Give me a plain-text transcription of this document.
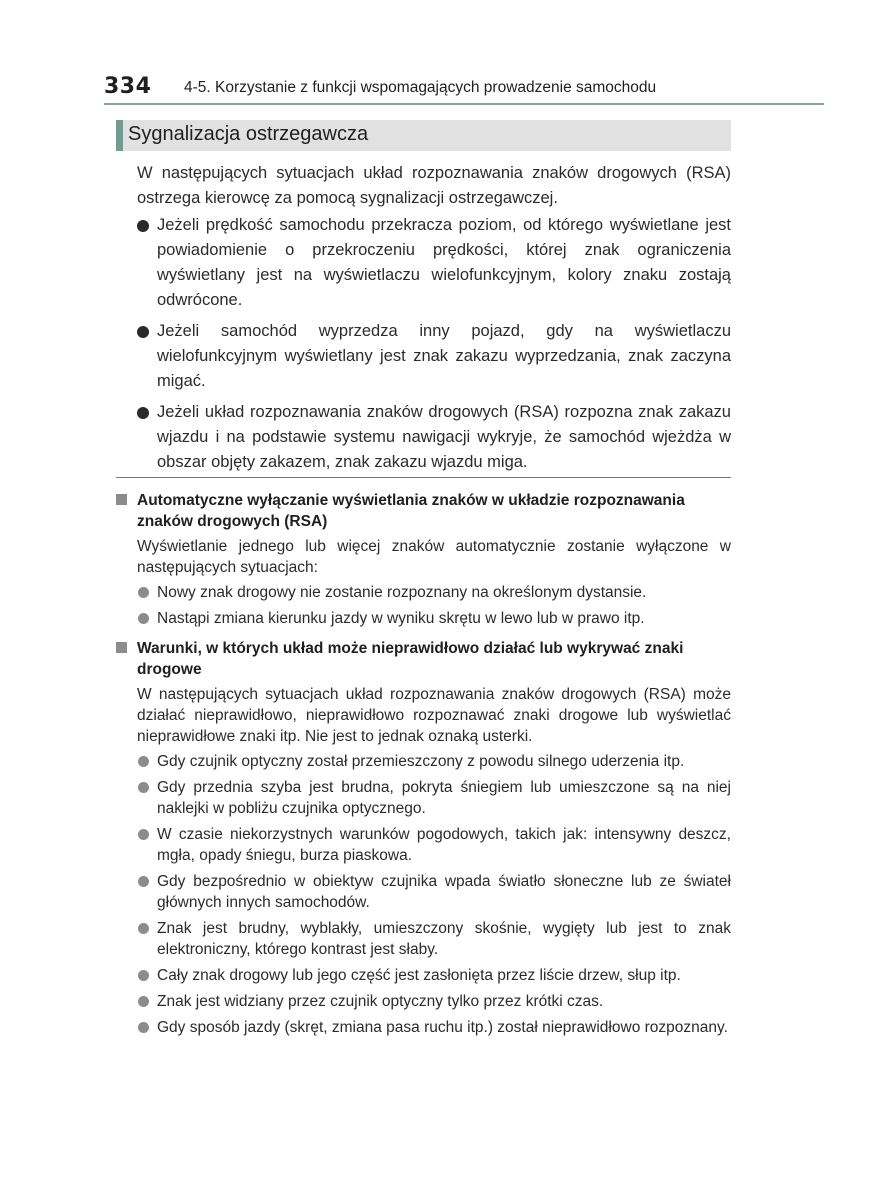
334 4-5. Korzystanie z funkcji wspomagających prowadzenie samochodu
Sygnalizacja ostrzegawcza

W następujących sytuacjach układ rozpoznawania znaków drogowych (RSA) ostrzega kierowcę za pomocą sygnalizacji ostrzegawczej.

Jeżeli prędkość samochodu przekracza poziom, od którego wyświetlane jest powiadomienie o przekroczeniu prędkości, której znak ograniczenia wyświetlany jest na wyświetlaczu wielofunkcyjnym, kolory znaku zostają odwrócone.
Jeżeli samochód wyprzedza inny pojazd, gdy na wyświetlaczu wielofunkcyjnym wyświetlany jest znak zakazu wyprzedzania, znak zaczyna migać.
Jeżeli układ rozpoznawania znaków drogowych (RSA) rozpozna znak zakazu wjazdu i na podstawie systemu nawigacji wykryje, że samochód wjeżdża w obszar objęty zakazem, znak zakazu wjazdu miga.
Automatyczne wyłączanie wyświetlania znaków w układzie rozpoznawania znaków drogowych (RSA)
Wyświetlanie jednego lub więcej znaków automatycznie zostanie wyłączone w następujących sytuacjach:
Nowy znak drogowy nie zostanie rozpoznany na określonym dystansie.
Nastąpi zmiana kierunku jazdy w wyniku skrętu w lewo lub w prawo itp.
Warunki, w których układ może nieprawidłowo działać lub wykrywać znaki drogowe
W następujących sytuacjach układ rozpoznawania znaków drogowych (RSA) może działać nieprawidłowo, nieprawidłowo rozpoznawać znaki drogowe lub wyświetlać nieprawidłowe znaki itp. Nie jest to jednak oznaką usterki.
Gdy czujnik optyczny został przemieszczony z powodu silnego uderzenia itp.
Gdy przednia szyba jest brudna, pokryta śniegiem lub umieszczone są na niej naklejki w pobliżu czujnika optycznego.
W czasie niekorzystnych warunków pogodowych, takich jak: intensywny deszcz, mgła, opady śniegu, burza piaskowa.
Gdy bezpośrednio w obiektyw czujnika wpada światło słoneczne lub ze świateł głównych innych samochodów.
Znak jest brudny, wyblakły, umieszczony skośnie, wygięty lub jest to znak elektroniczny, którego kontrast jest słaby.
Cały znak drogowy lub jego część jest zasłonięta przez liście drzew, słup itp.
Znak jest widziany przez czujnik optyczny tylko przez krótki czas.
Gdy sposób jazdy (skręt, zmiana pasa ruchu itp.) został nieprawidłowo rozpoznany.
